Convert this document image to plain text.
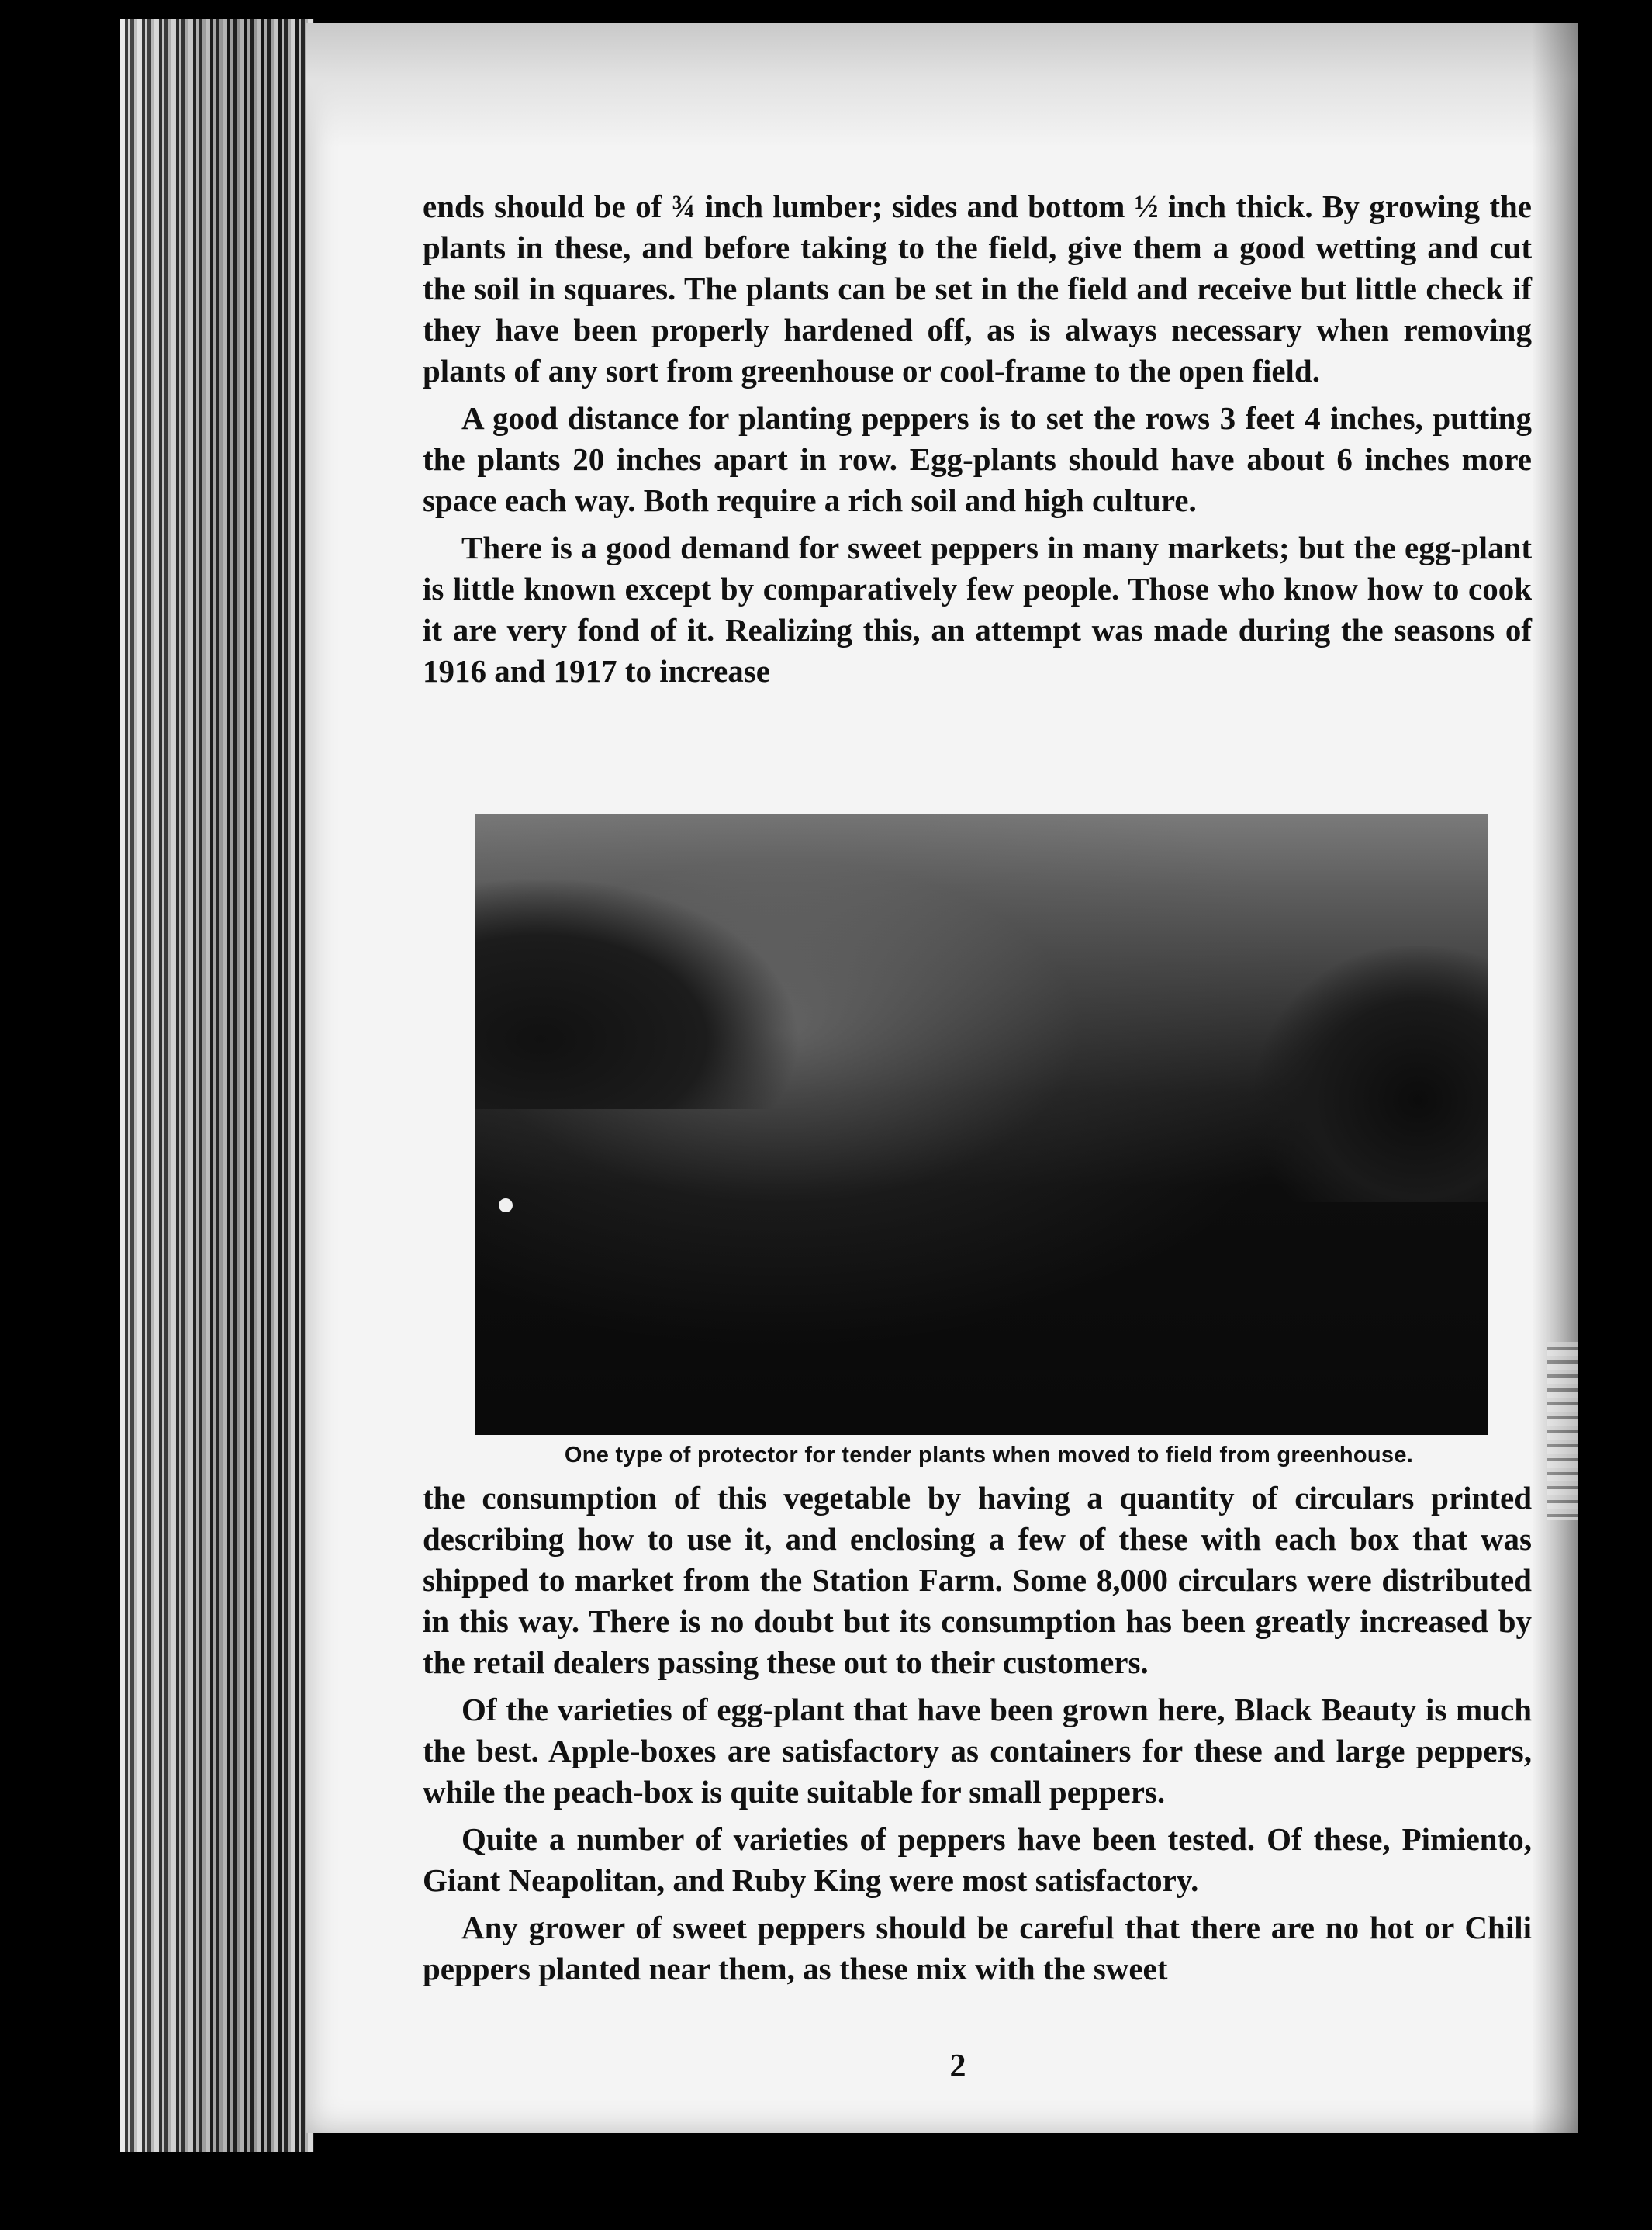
ends should be of ¾ inch lumber; sides and bottom ½ inch thick. By growing the plants in these, and before taking to the field, give them a good wetting and cut the soil in squares. The plants can be set in the field and receive but little check if they have been properly hardened off, as is always necessary when removing plants of any sort from greenhouse or cool-frame to the open field.

A good distance for planting peppers is to set the rows 3 feet 4 inches, putting the plants 20 inches apart in row. Egg-plants should have about 6 inches more space each way. Both require a rich soil and high culture.

There is a good demand for sweet peppers in many markets; but the egg-plant is little known except by comparatively few people. Those who know how to cook it are very fond of it. Realizing this, an attempt was made during the seasons of 1916 and 1917 to increase

One type of protector for tender plants when moved to field from greenhouse.

the consumption of this vegetable by having a quantity of circulars printed describing how to use it, and enclosing a few of these with each box that was shipped to market from the Station Farm. Some 8,000 circulars were distributed in this way. There is no doubt but its consumption has been greatly increased by the retail dealers passing these out to their customers.

Of the varieties of egg-plant that have been grown here, Black Beauty is much the best. Apple-boxes are satisfactory as containers for these and large peppers, while the peach-box is quite suitable for small peppers.

Quite a number of varieties of peppers have been tested. Of these, Pimiento, Giant Neapolitan, and Ruby King were most satisfactory.

Any grower of sweet peppers should be careful that there are no hot or Chili peppers planted near them, as these mix with the sweet

2
